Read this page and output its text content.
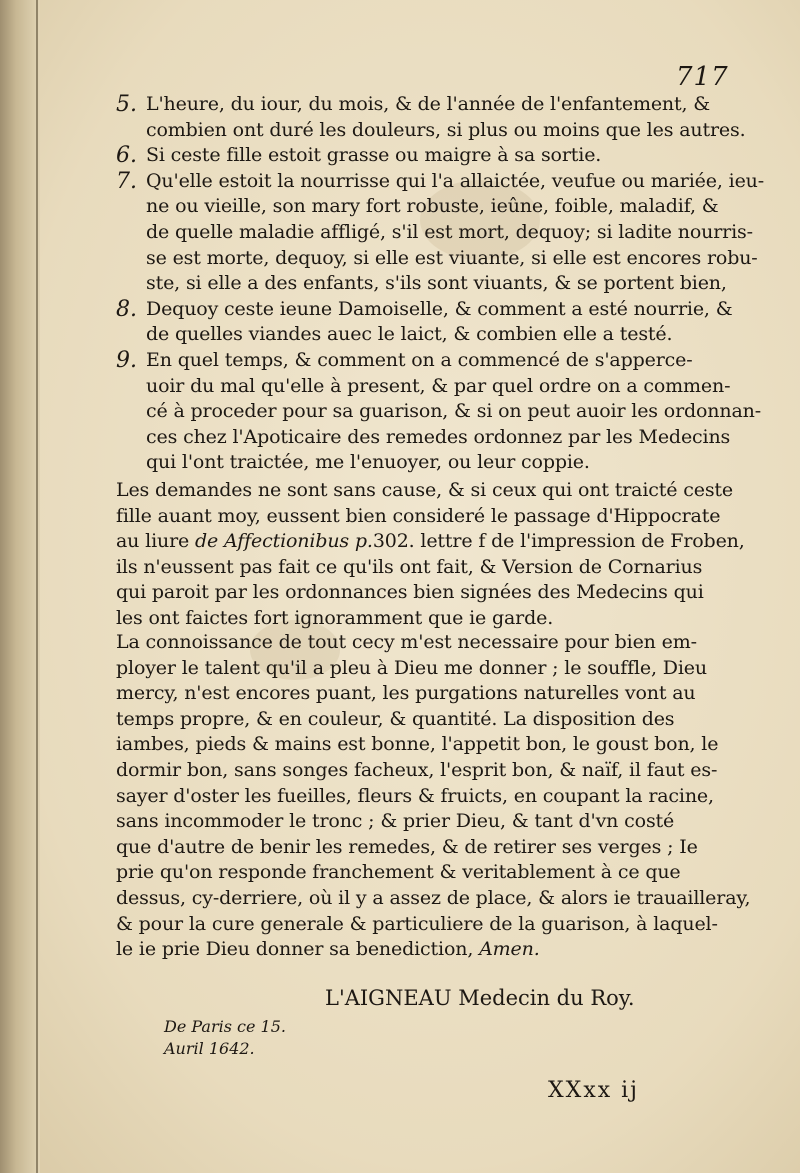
717
5. L'heure, du iour, du mois, & de l'année de l'enfantement, &
combien ont duré les douleurs, si plus ou moins que les autres.
6. Si ceste fille estoit grasse ou maigre à sa sortie.
7. Qu'elle estoit la nourrisse qui l'a allaictée, veufue ou mariée, ieu-
ne ou vieille, son mary fort robuste, ieûne, foible, maladif, &
de quelle maladie affligé, s'il est mort, dequoy; si ladite nourris-
se est morte, dequoy, si elle est viuante, si elle est encores robu-
ste, si elle a des enfants, s'ils sont viuants, & se portent bien,
8. Dequoy ceste ieune Damoiselle, & comment a esté nourrie, &
de quelles viandes auec le laict, & combien elle a testé.
9. En quel temps, & comment on a commencé de s'apperce-
uoir du mal qu'elle à present, & par quel ordre on a commen-
cé à proceder pour sa guarison, & si on peut auoir les ordonnan-
ces chez l'Apoticaire des remedes ordonnez par les Medecins
qui l'ont traictée, me l'enuoyer, ou leur coppie.
Les demandes ne sont sans cause, & si ceux qui ont traicté ceste
fille auant moy, eussent bien consideré le passage d'Hippocrate
au liure de Affectionibus p.302. lettre f de l'impression de Froben,
ils n'eussent pas fait ce qu'ils ont fait, & Version de Cornarius
qui paroit par les ordonnances bien signées des Medecins qui
les ont faictes fort ignoramment que ie garde.
La connoissance de tout cecy m'est necessaire pour bien em-
ployer le talent qu'il a pleu à Dieu me donner ; le souffle, Dieu
mercy, n'est encores puant, les purgations naturelles vont au
temps propre, & en couleur, & quantité. La disposition des
iambes, pieds & mains est bonne, l'appetit bon, le goust bon, le
dormir bon, sans songes facheux, l'esprit bon, & naïf, il faut es-
sayer d'oster les fueilles, fleurs & fruicts, en coupant la racine,
sans incommoder le tronc ; & prier Dieu, & tant d'vn costé
que d'autre de benir les remedes, & de retirer ses verges ; Ie
prie qu'on responde franchement & veritablement à ce que
dessus, cy-derriere, où il y a assez de place, & alors ie trauailleray,
& pour la cure generale & particuliere de la guarison, à laquel-
le ie prie Dieu donner sa benediction, Amen.
L'AIGNEAU Medecin du Roy.
De Paris ce 15.
Auril 1642.
XXxx ij
